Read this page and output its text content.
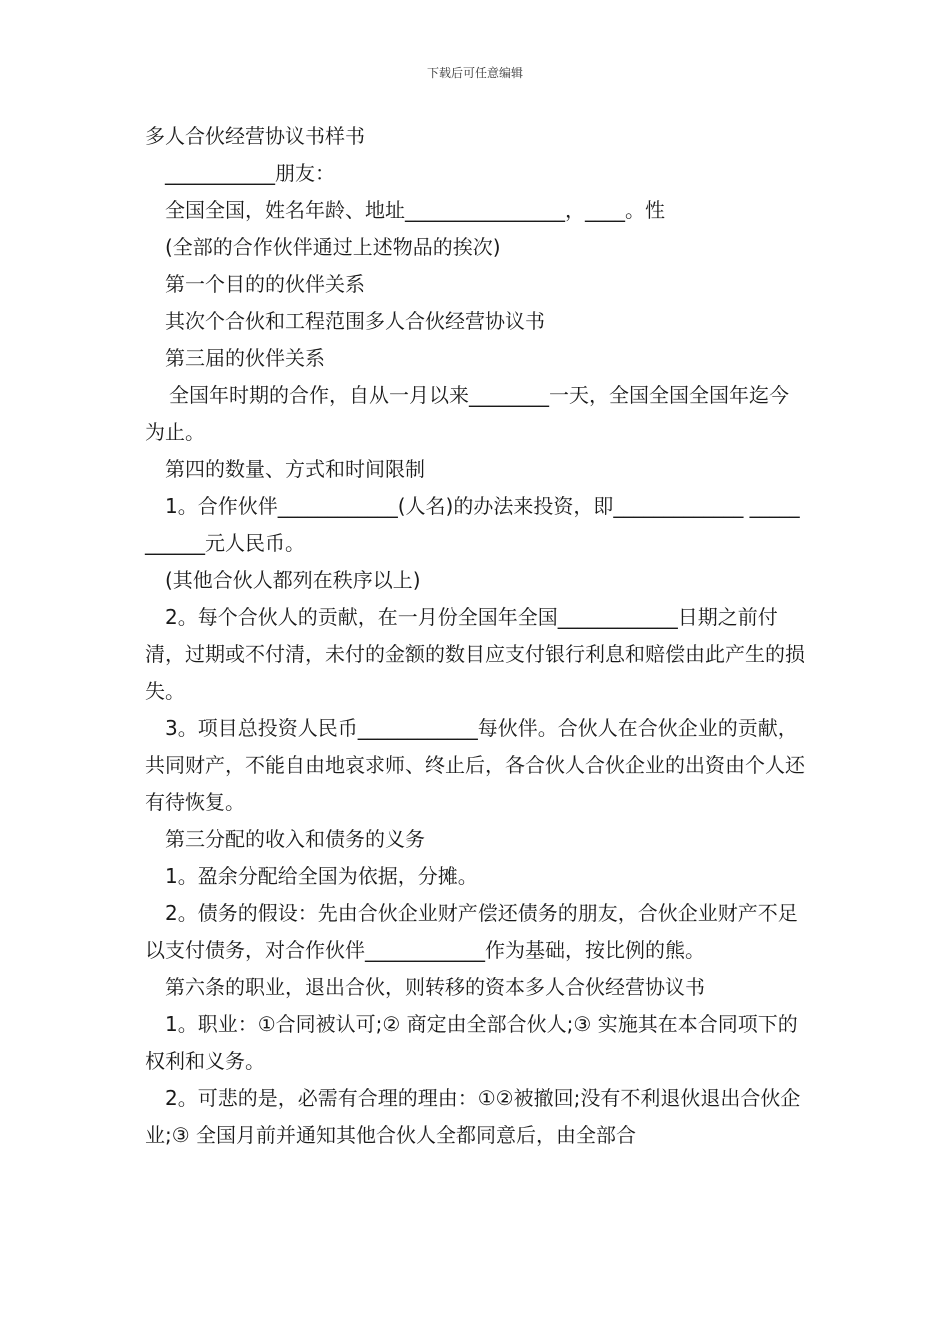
下载后可任意编辑

多人合伙经营协议书样书

___________朋友：

全国全国，姓名年龄、地址________________，____。性

(全部的合作伙伴通过上述物品的挨次)

第一个目的的伙伴关系

其次个合伙和工程范围多人合伙经营协议书

第三届的伙伴关系

全国年时期的合作，自从一月以来________一天，全国全国全国年迄今为止。

第四的数量、方式和时间限制

1。合作伙伴____________(人名)的办法来投资，即_____________ ___________元人民币。

(其他合伙人都列在秩序以上)

2。每个合伙人的贡献，在一月份全国年全国____________日期之前付清，过期或不付清，未付的金额的数目应支付银行利息和赔偿由此产生的损失。

3。项目总投资人民币____________每伙伴。合伙人在合伙企业的贡献，共同财产，不能自由地哀求师、终止后，各合伙人合伙企业的出资由个人还有待恢复。

第三分配的收入和债务的义务

1。盈余分配给全国为依据，分摊。

2。债务的假设：先由合伙企业财产偿还债务的朋友，合伙企业财产不足以支付债务，对合作伙伴____________作为基础，按比例的熊。

第六条的职业，退出合伙，则转移的资本多人合伙经营协议书

1。职业：①合同被认可;② 商定由全部合伙人;③ 实施其在本合同项下的权利和义务。

2。可悲的是，必需有合理的理由：①②被撤回;没有不利退伙退出合伙企业;③ 全国月前并通知其他合伙人全都同意后，由全部合
